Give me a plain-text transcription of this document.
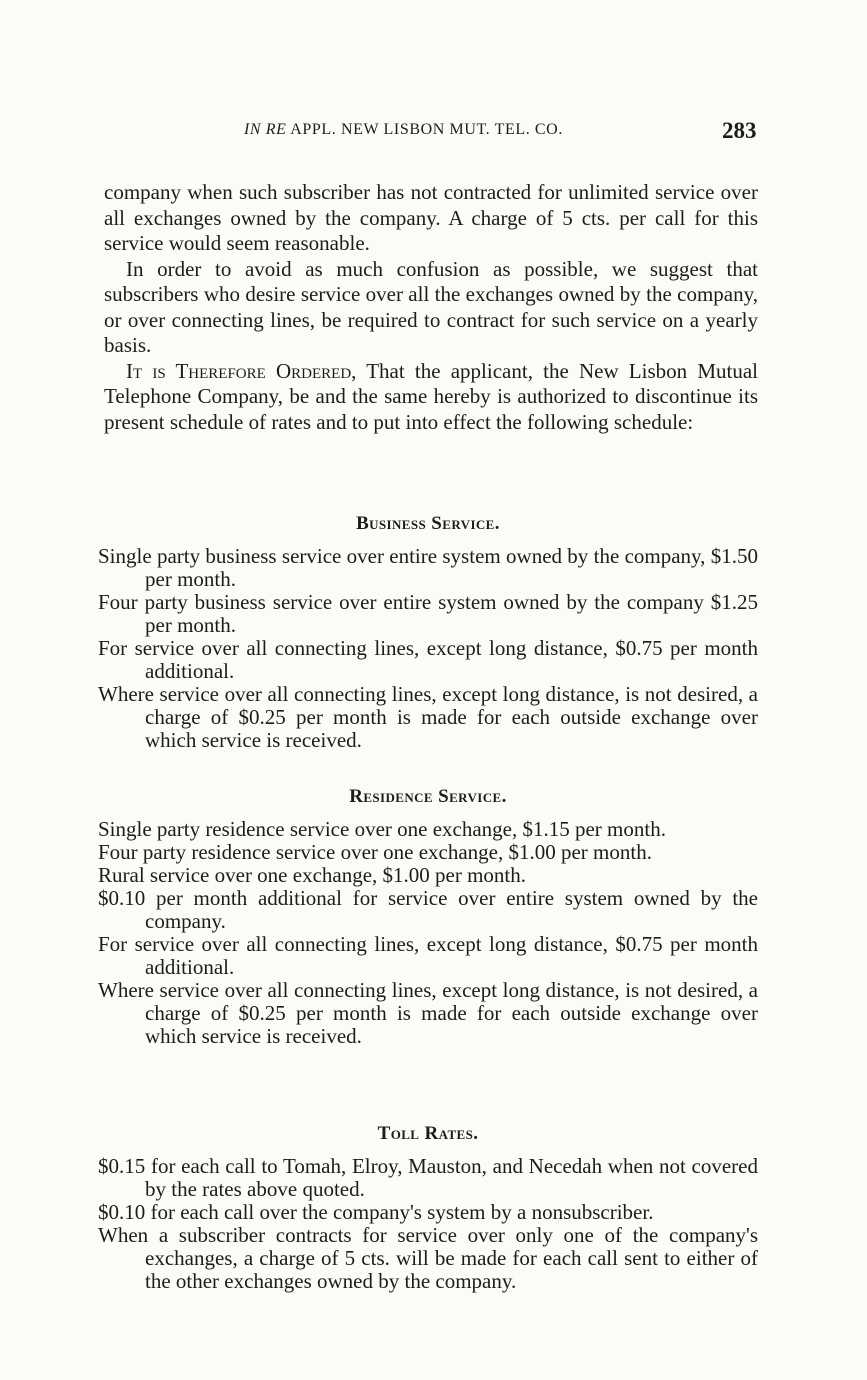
IN RE APPL. NEW LISBON MUT. TEL. CO.	283

company when such subscriber has not contracted for unlimited service over all exchanges owned by the company. A charge of 5 cts. per call for this service would seem reasonable.

In order to avoid as much confusion as possible, we suggest that subscribers who desire service over all the exchanges owned by the company, or over connecting lines, be required to contract for such service on a yearly basis.

It is Therefore Ordered, That the applicant, the New Lisbon Mutual Telephone Company, be and the same hereby is authorized to discontinue its present schedule of rates and to put into effect the following schedule:

Business Service.

Single party business service over entire system owned by the company, $1.50 per month.

Four party business service over entire system owned by the company $1.25 per month.

For service over all connecting lines, except long distance, $0.75 per month additional.

Where service over all connecting lines, except long distance, is not desired, a charge of $0.25 per month is made for each outside exchange over which service is received.

Residence Service.

Single party residence service over one exchange, $1.15 per month.

Four party residence service over one exchange, $1.00 per month.

Rural service over one exchange, $1.00 per month.

$0.10 per month additional for service over entire system owned by the company.

For service over all connecting lines, except long distance, $0.75 per month additional.

Where service over all connecting lines, except long distance, is not desired, a charge of $0.25 per month is made for each outside exchange over which service is received.

Toll Rates.

$0.15 for each call to Tomah, Elroy, Mauston, and Necedah when not covered by the rates above quoted.

$0.10 for each call over the company's system by a nonsubscriber.

When a subscriber contracts for service over only one of the company's exchanges, a charge of 5 cts. will be made for each call sent to either of the other exchanges owned by the company.
